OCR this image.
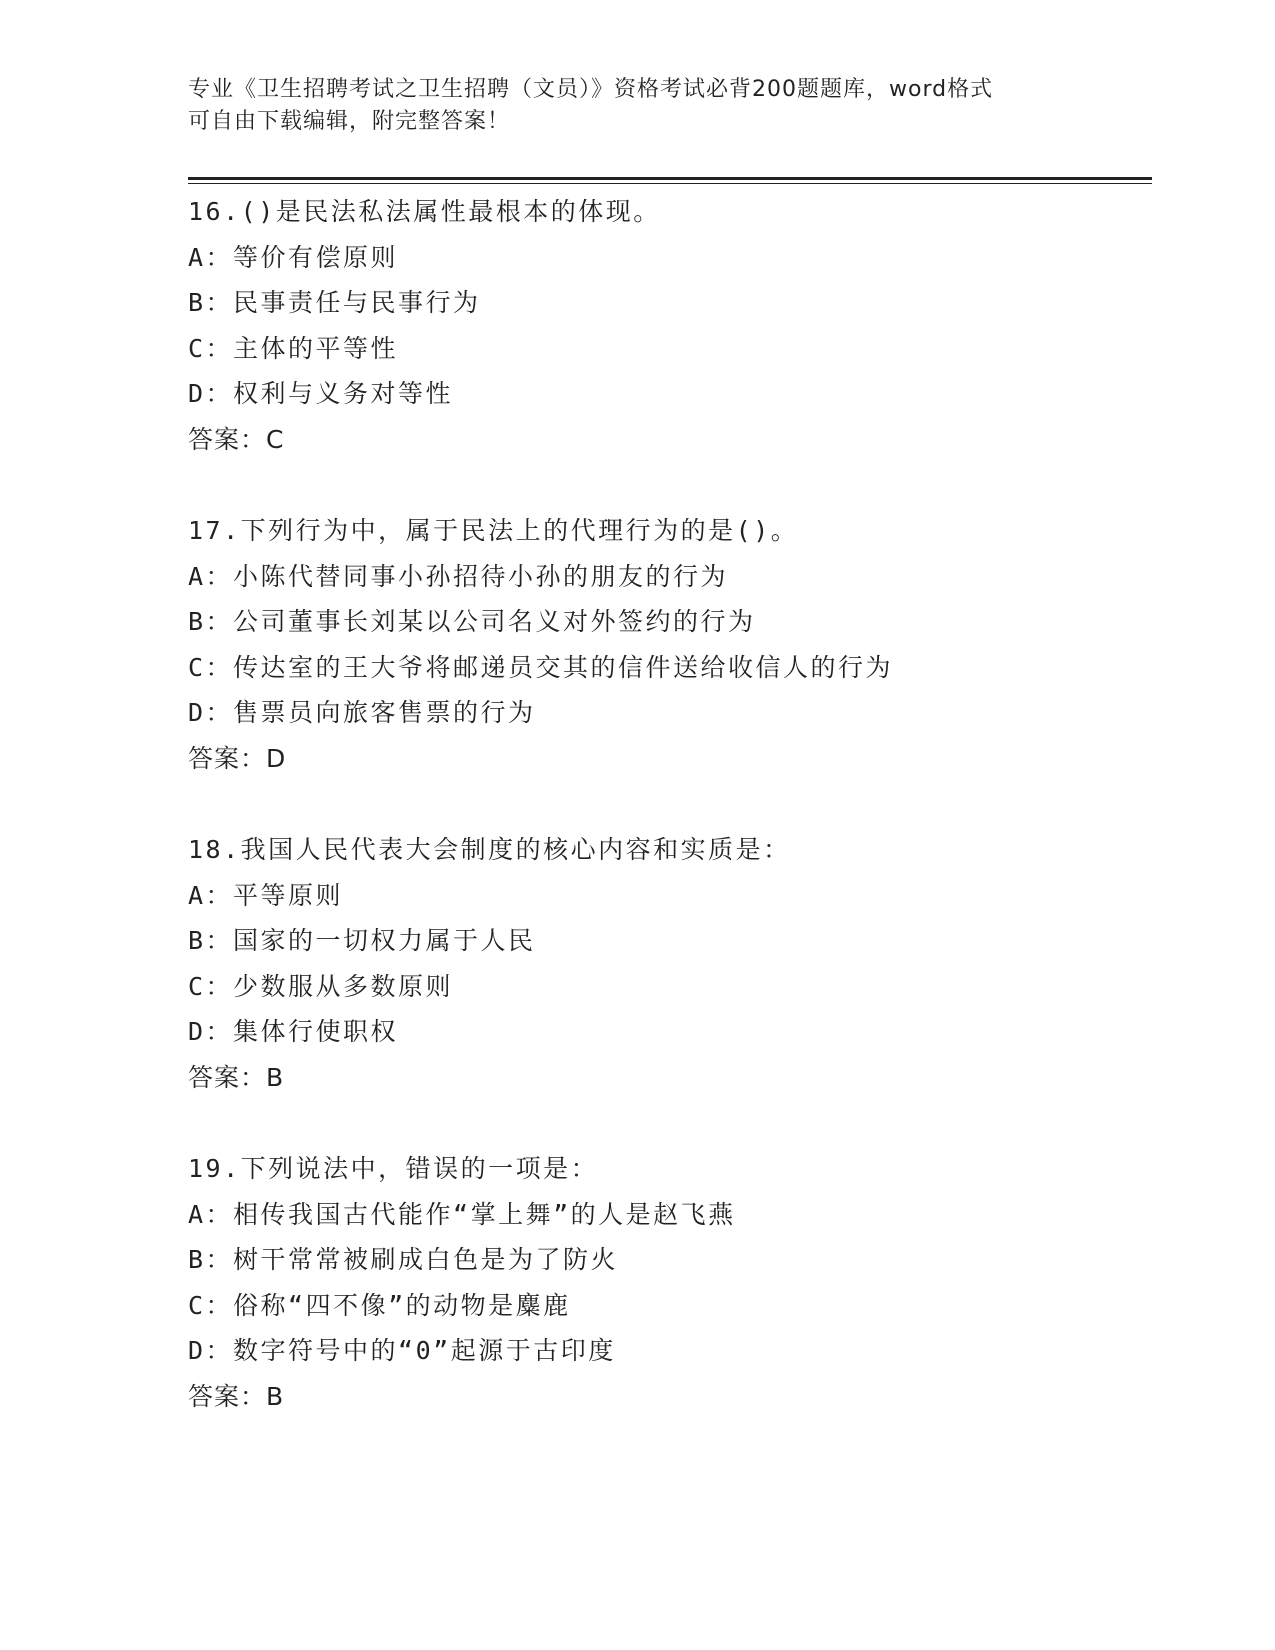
专业《卫生招聘考试之卫生招聘（文员）》资格考试必背200题题库，word格式
可自由下载编辑，附完整答案！
16.()是民法私法属性最根本的体现。
A：等价有偿原则
B：民事责任与民事行为
C：主体的平等性
D：权利与义务对等性
答案：C
17.下列行为中，属于民法上的代理行为的是()。
A：小陈代替同事小孙招待小孙的朋友的行为
B：公司董事长刘某以公司名义对外签约的行为
C：传达室的王大爷将邮递员交其的信件送给收信人的行为
D：售票员向旅客售票的行为
答案：D
18.我国人民代表大会制度的核心内容和实质是：
A：平等原则
B：国家的一切权力属于人民
C：少数服从多数原则
D：集体行使职权
答案：B
19.下列说法中，错误的一项是：
A：相传我国古代能作“掌上舞”的人是赵飞燕
B：树干常常被刷成白色是为了防火
C：俗称“四不像”的动物是麋鹿
D：数字符号中的“0”起源于古印度
答案：B
